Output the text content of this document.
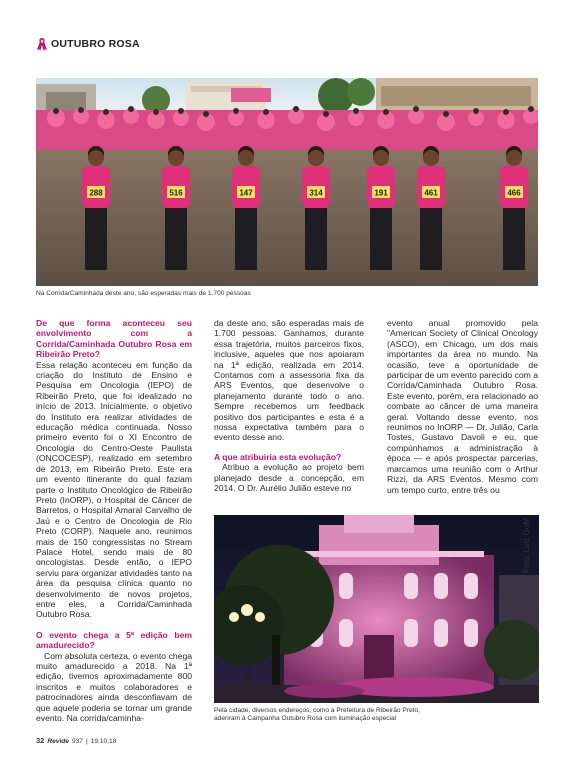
OUTUBRO ROSA
288	516	147	314	191	461	466
Na Corrida/Caminhada deste ano, são esperadas mais de 1.700 pessoas
De que forma aconteceu seu envolvimento com a Corrida/Caminhada Outubro Rosa em Ribeirão Preto?
Essa relação aconteceu em função da criação do Instituto de Ensino e Pesquisa em Oncologia (IEPO) de Ribeirão Preto, que foi idealizado no início de 2013. Inicialmente, o objetivo do Instituto era realizar atividades de educação médica continuada. Nosso primeiro evento foi o XI Encontro de Oncologia do Centro-Oeste Paulista (ONCOCESP), realizado em setembro de 2013, em Ribeirão Preto. Este era um evento itinerante do qual faziam parte o Instituto Oncológico de Ribeirão Preto (InORP), o Hospital de Câncer de Barretos, o Hospital Amaral Carvalho de Jaú e o Centro de Oncologia de Rio Preto (CORP). Naquele ano, reunimos mais de 150 congressistas no Stream Palace Hotel, sendo mais de 80 oncologistas. Desde então, o IEPO serviu para organizar atividades tanto na área da pesquisa clínica quanto no desenvolvimento de novos projetos, entre eles, a Corrida/Caminhada Outubro Rosa.
O evento chega a 5ª edição bem amadurecido?
Com absoluta certeza, o evento chega muito amadurecido a 2018. Na 1ª edição, tivemos aproximadamente 800 inscritos e muitos colaboradores e patrocinadores ainda desconfiavam de que aquele poderia se tornar um grande evento. Na corrida/caminha-
da deste ano, são esperadas mais de 1.700 pessoas. Ganhamos, durante essa trajetória, muitos parceiros fixos, inclusive, aqueles que nos apoiaram na 1ª edição, realizada em 2014. Contamos com a assessoria fixa da ARS Eventos, que desenvolve o planejamento durante todo o ano. Sempre recebemos um feedback positivo dos participantes e esta é a nossa expectativa também para o evento desse ano.
A que atribuiria esta evolução?
Atribuo a evolução ao projeto bem planejado desde a concepção, em 2014. O Dr. Aurélio Julião esteve no
evento anual promovido pela "American Society of Clinical Oncology (ASCO), em Chicago, um dos mais importantes da área no mundo. Na ocasião, teve a oportunidade de participar de um evento parecido com a Corrida/Caminhada Outubro Rosa. Este evento, porém, era relacionado ao combate ao câncer de uma maneira geral. Voltando desse evento, nos reunimos no InORP — Dr. Julião, Carla Tostes, Gustavo Davoli e eu, que compúnhamos a administração à época — e após prospectar parcerias, marcamos uma reunião com o Arthur Rizzi, da ARS Eventos. Mesmo com um tempo curto, entre três ou
Foto: Luiz GoM
Pela cidade, diversos endereços, como a Prefeitura de Ribeirão Preto,
aderiram à Campanha Outubro Rosa com iluminação especial
32 Revide 937 | 19.10.18
